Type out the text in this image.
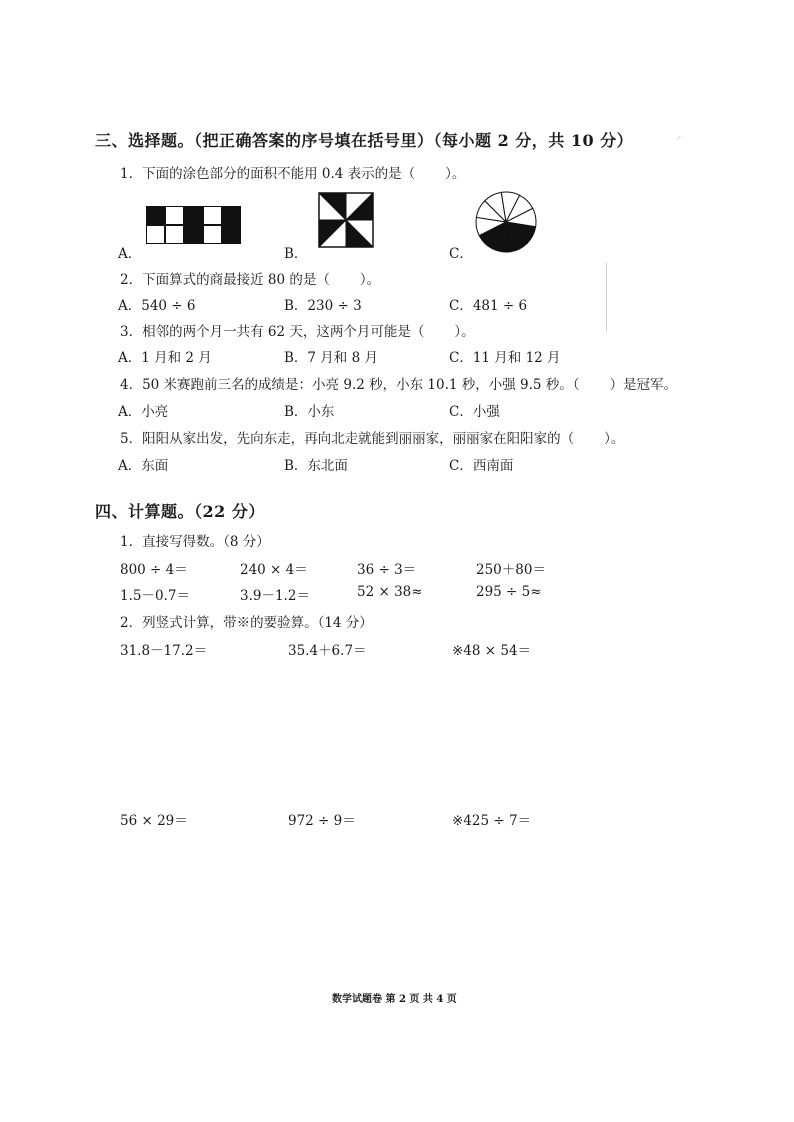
三、选择题。（把正确答案的序号填在括号里）（每小题 2 分，共 10 分）
1．下面的涂色部分的面积不能用 0.4 表示的是（ ）。
A．	B．	C．
2．下面算式的商最接近 80 的是（ ）。
A．540 ÷ 6	B．230 ÷ 3	C．481 ÷ 6
3．相邻的两个月一共有 62 天，这两个月可能是（ ）。
A．1 月和 2 月	B．7 月和 8 月	C．11 月和 12 月
4．50 米赛跑前三名的成绩是：小亮 9.2 秒，小东 10.1 秒，小强 9.5 秒。（ ）是冠军。
A．小亮	B．小东	C．小强
5．阳阳从家出发，先向东走，再向北走就能到丽丽家，丽丽家在阳阳家的（ ）。
A．东面	B．东北面	C．西南面
四、计算题。（22 分）
1．直接写得数。（8 分）
800 ÷ 4＝	240 × 4＝	36 ÷ 3＝	250＋80＝
1.5－0.7＝	3.9－1.2＝	52 × 38≈	295 ÷ 5≈
2．列竖式计算，带※的要验算。（14 分）
31.8－17.2＝	35.4＋6.7＝	※48 × 54＝
56 × 29＝	972 ÷ 9＝	※425 ÷ 7＝
⸝
数学试题卷 第 2 页 共 4 页
